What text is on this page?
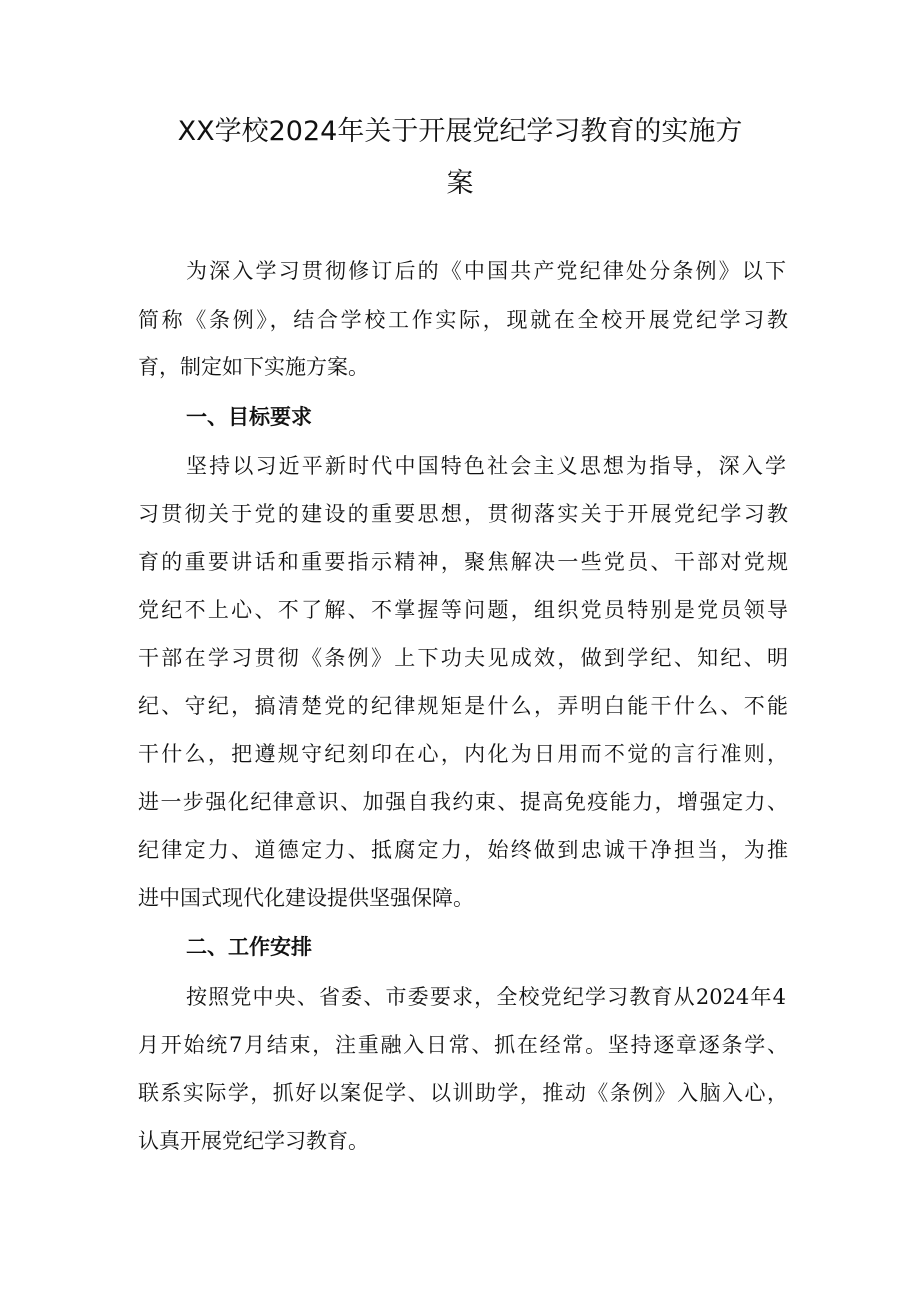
XX学校2024年关于开展党纪学习教育的实施方
案
为深入学习贯彻修订后的《中国共产党纪律处分条例》以下
简称《条例》，结合学校工作实际，现就在全校开展党纪学习教
育，制定如下实施方案。
一、目标要求
坚持以习近平新时代中国特色社会主义思想为指导，深入学
习贯彻关于党的建设的重要思想，贯彻落实关于开展党纪学习教
育的重要讲话和重要指示精神，聚焦解决一些党员、干部对党规
党纪不上心、不了解、不掌握等问题，组织党员特别是党员领导
干部在学习贯彻《条例》上下功夫见成效，做到学纪、知纪、明
纪、守纪，搞清楚党的纪律规矩是什么，弄明白能干什么、不能
干什么，把遵规守纪刻印在心，内化为日用而不觉的言行准则，
进一步强化纪律意识、加强自我约束、提高免疫能力，增强定力、
纪律定力、道德定力、抵腐定力，始终做到忠诚干净担当，为推
进中国式现代化建设提供坚强保障。
二、工作安排
按照党中央、省委、市委要求，全校党纪学习教育从2024年4
月开始统7月结束，注重融入日常、抓在经常。坚持逐章逐条学、
联系实际学，抓好以案促学、以训助学，推动《条例》入脑入心，
认真开展党纪学习教育。
